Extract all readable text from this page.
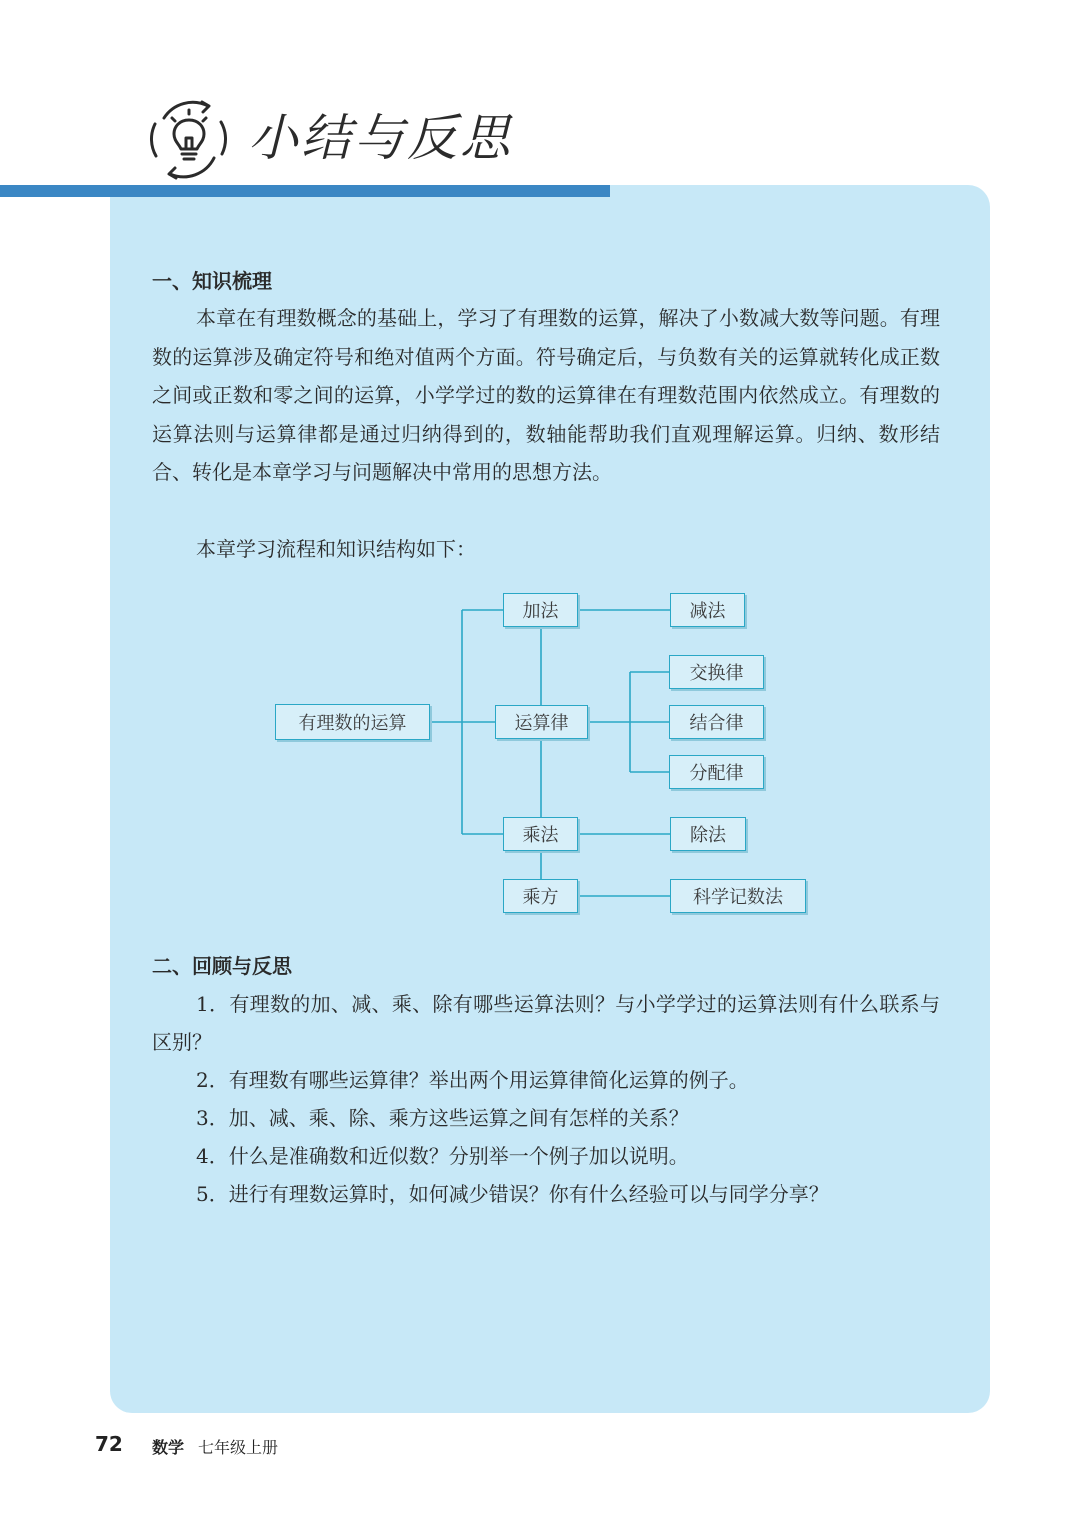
小结与反思
一、知识梳理

本章在有理数概念的基础上，学习了有理数的运算，解决了小数减大数等问题。有理数的运算涉及确定符号和绝对值两个方面。符号确定后，与负数有关的运算就转化成正数之间或正数和零之间的运算，小学学过的数的运算律在有理数范围内依然成立。有理数的运算法则与运算律都是通过归纳得到的，数轴能帮助我们直观理解运算。归纳、数形结合、转化是本章学习与问题解决中常用的思想方法。

本章学习流程和知识结构如下：

有理数的运算
加法	减法
运算律
交换律
结合律
分配律
乘法	除法
乘方	科学记数法
二、回顾与反思

1．有理数的加、减、乘、除有哪些运算法则？与小学学过的运算法则有什么联系与区别？

2．有理数有哪些运算律？举出两个用运算律简化运算的例子。
3．加、减、乘、除、乘方这些运算之间有怎样的关系？
4．什么是准确数和近似数？分别举一个例子加以说明。
5．进行有理数运算时，如何减少错误？你有什么经验可以与同学分享？
72 数学 七年级上册
